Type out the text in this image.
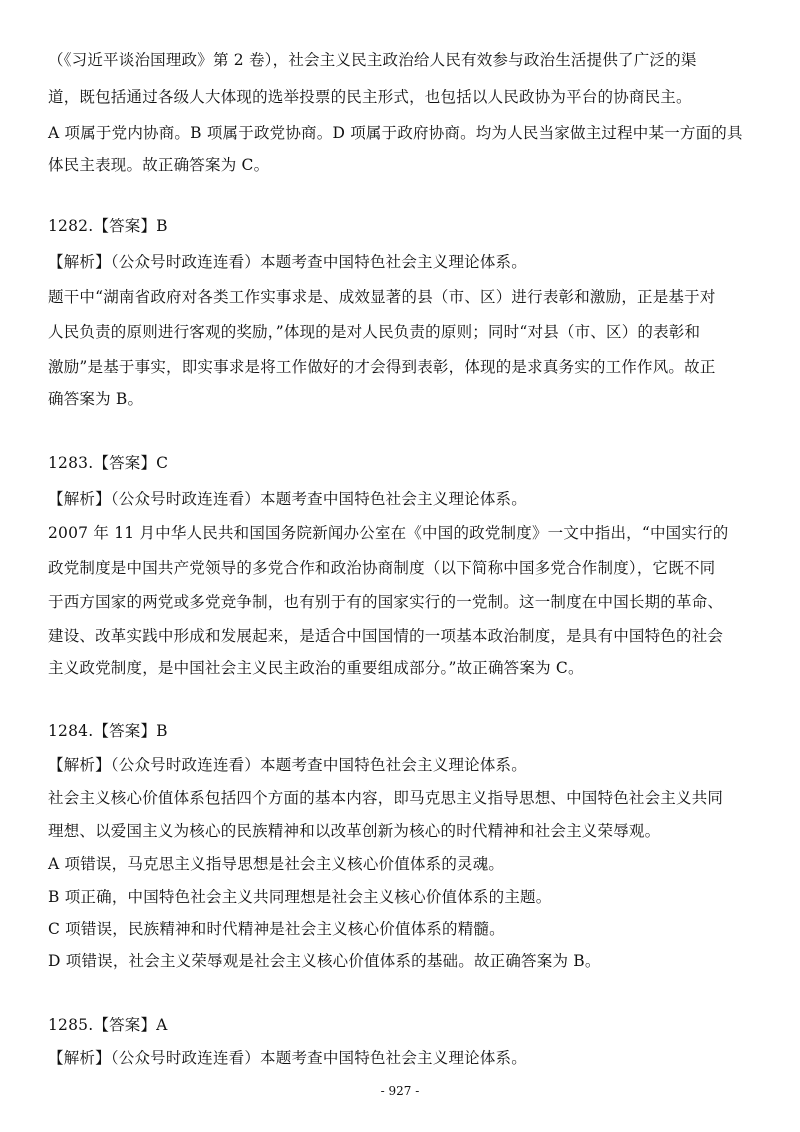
（《习近平谈治国理政》第 2 卷），社会主义民主政治给人民有效参与政治生活提供了广泛的渠
道，既包括通过各级人大体现的选举投票的民主形式，也包括以人民政协为平台的协商民主。
A 项属于党内协商。B 项属于政党协商。D 项属于政府协商。均为人民当家做主过程中某一方面的具
体民主表现。故正确答案为 C。
1282.【答案】B
【解析】（公众号时政连连看）本题考查中国特色社会主义理论体系。
题干中“湖南省政府对各类工作实事求是、成效显著的县（市、区）进行表彰和激励，正是基于对
人民负责的原则进行客观的奖励，”体现的是对人民负责的原则；同时“对县（市、区）的表彰和
激励”是基于事实，即实事求是将工作做好的才会得到表彰，体现的是求真务实的工作作风。故正
确答案为 B。
1283.【答案】C
【解析】（公众号时政连连看）本题考查中国特色社会主义理论体系。
2007 年 11 月中华人民共和国国务院新闻办公室在《中国的政党制度》一文中指出，“中国实行的
政党制度是中国共产党领导的多党合作和政治协商制度（以下简称中国多党合作制度），它既不同
于西方国家的两党或多党竞争制，也有别于有的国家实行的一党制。这一制度在中国长期的革命、
建设、改革实践中形成和发展起来，是适合中国国情的一项基本政治制度，是具有中国特色的社会
主义政党制度，是中国社会主义民主政治的重要组成部分。”故正确答案为 C。
1284.【答案】B
【解析】（公众号时政连连看）本题考查中国特色社会主义理论体系。
社会主义核心价值体系包括四个方面的基本内容，即马克思主义指导思想、中国特色社会主义共同
理想、以爱国主义为核心的民族精神和以改革创新为核心的时代精神和社会主义荣辱观。
A 项错误，马克思主义指导思想是社会主义核心价值体系的灵魂。
B 项正确，中国特色社会主义共同理想是社会主义核心价值体系的主题。
C 项错误，民族精神和时代精神是社会主义核心价值体系的精髓。
D 项错误，社会主义荣辱观是社会主义核心价值体系的基础。故正确答案为 B。
1285.【答案】A
【解析】（公众号时政连连看）本题考查中国特色社会主义理论体系。
- 927 -
